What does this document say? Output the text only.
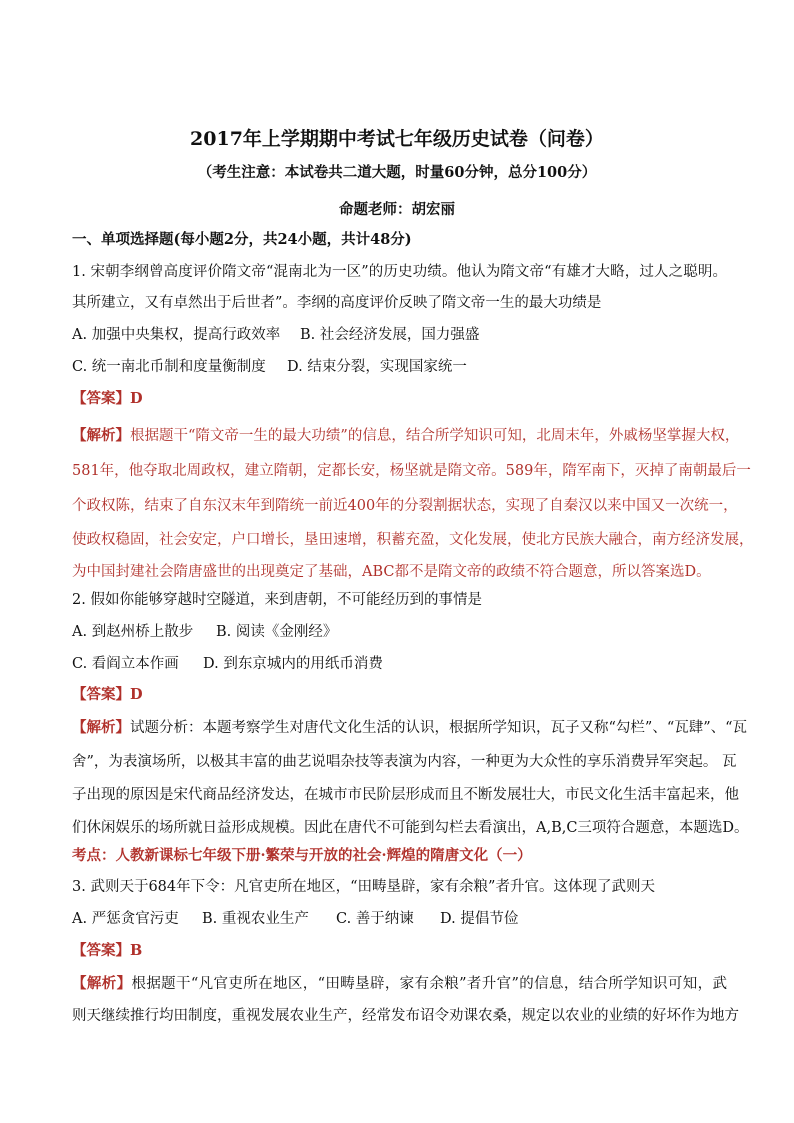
2017年上学期期中考试七年级历史试卷（问卷）
（考生注意：本试卷共二道大题，时量60分钟，总分100分）
命题老师：胡宏丽
一、单项选择题(每小题2分，共24小题，共计48分)
1. 宋朝李纲曾高度评价隋文帝“混南北为一区”的历史功绩。他认为隋文帝“有雄才大略，过人之聪明。
其所建立，又有卓然出于后世者”。李纲的高度评价反映了隋文帝一生的最大功绩是
A. 加强中央集权，提高行政效率 B. 社会经济发展，国力强盛
C. 统一南北币制和度量衡制度 D. 结束分裂，实现国家统一
【答案】D
【解析】根据题干“隋文帝一生的最大功绩”的信息，结合所学知识可知，北周末年，外戚杨坚掌握大权，
581年，他夺取北周政权，建立隋朝，定都长安，杨坚就是隋文帝。589年，隋军南下，灭掉了南朝最后一
个政权陈，结束了自东汉末年到隋统一前近400年的分裂割据状态，实现了自秦汉以来中国又一次统一，
使政权稳固，社会安定，户口增长，垦田速增，积蓄充盈，文化发展，使北方民族大融合，南方经济发展，
为中国封建社会隋唐盛世的出现奠定了基础，ABC都不是隋文帝的政绩不符合题意，所以答案选D。
2. 假如你能够穿越时空隧道，来到唐朝，不可能经历到的事情是
A. 到赵州桥上散步 B. 阅读《金刚经》
C. 看阎立本作画 D. 到东京城内的用纸币消费
【答案】D
【解析】试题分析：本题考察学生对唐代文化生活的认识，根据所学知识，瓦子又称“勾栏”、“瓦肆”、“瓦
舍”，为表演场所，以极其丰富的曲艺说唱杂技等表演为内容，一种更为大众性的享乐消费异军突起。 瓦
子出现的原因是宋代商品经济发达，在城市市民阶层形成而且不断发展壮大，市民文化生活丰富起来，他
们休闲娱乐的场所就日益形成规模。因此在唐代不可能到勾栏去看演出，A,B,C三项符合题意，本题选D。
考点：人教新课标七年级下册·繁荣与开放的社会·辉煌的隋唐文化（一）
3. 武则天于684年下令：凡官吏所在地区，“田畴垦辟，家有余粮”者升官。这体现了武则天
A. 严惩贪官污吏 B. 重视农业生产 C. 善于纳谏 D. 提倡节俭
【答案】B
【解析】根据题干“凡官吏所在地区，“田畴垦辟，家有余粮”者升官”的信息，结合所学知识可知，武
则天继续推行均田制度，重视发展农业生产，经常发布诏令劝课农桑，规定以农业的业绩的好坏作为地方
